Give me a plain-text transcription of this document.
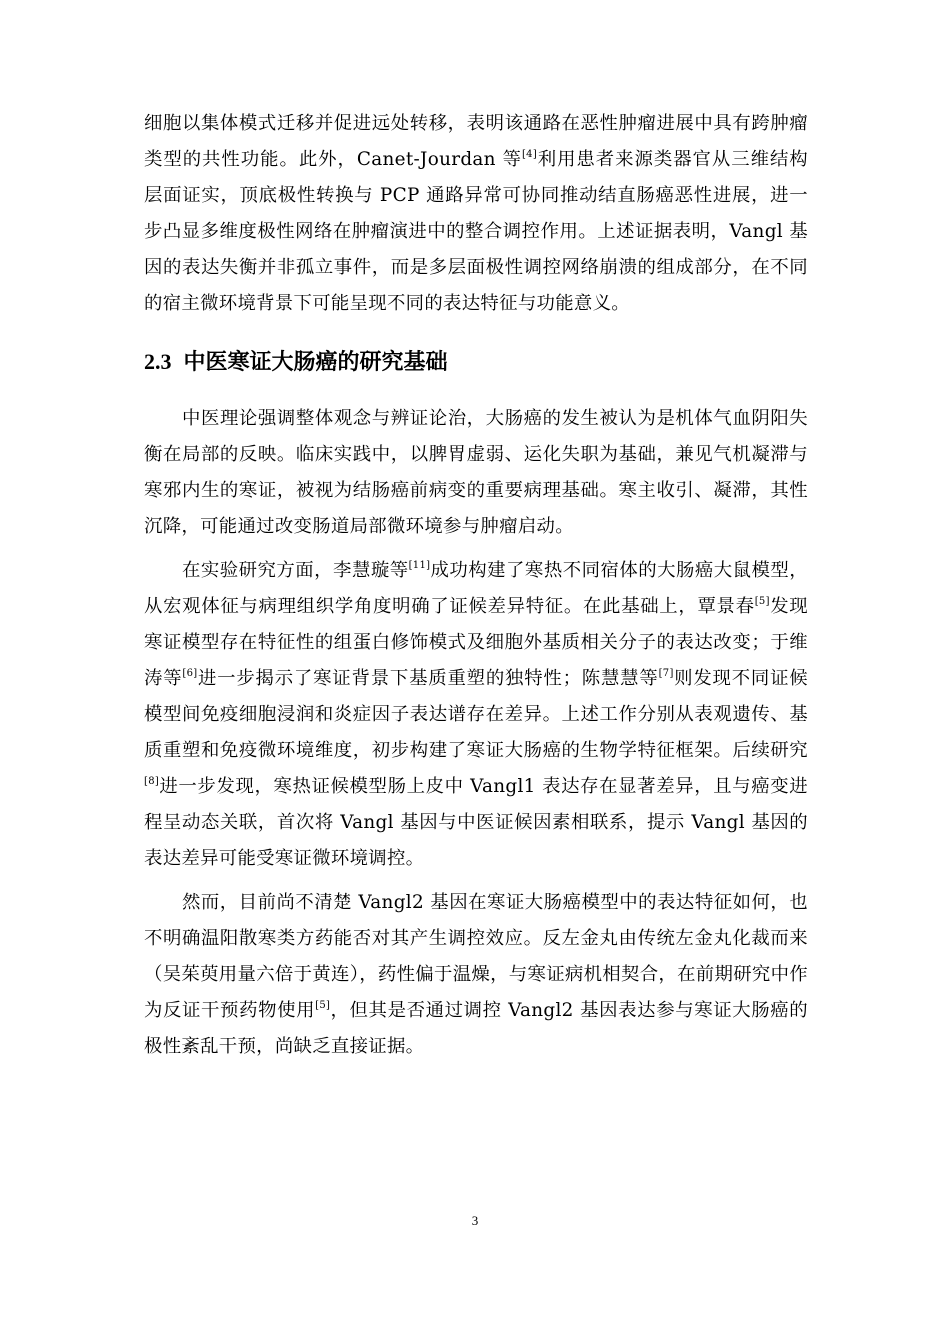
细胞以集体模式迁移并促进远处转移，表明该通路在恶性肿瘤进展中具有跨肿瘤类型的共性功能。此外，Canet-Jourdan 等[4]利用患者来源类器官从三维结构层面证实，顶底极性转换与 PCP 通路异常可协同推动结直肠癌恶性进展，进一步凸显多维度极性网络在肿瘤演进中的整合调控作用。上述证据表明，Vangl 基因的表达失衡并非孤立事件，而是多层面极性调控网络崩溃的组成部分，在不同的宿主微环境背景下可能呈现不同的表达特征与功能意义。

2.3 中医寒证大肠癌的研究基础

中医理论强调整体观念与辨证论治，大肠癌的发生被认为是机体气血阴阳失衡在局部的反映。临床实践中，以脾胃虚弱、运化失职为基础，兼见气机凝滞与寒邪内生的寒证，被视为结肠癌前病变的重要病理基础。寒主收引、凝滞，其性沉降，可能通过改变肠道局部微环境参与肿瘤启动。

在实验研究方面，李慧璇等[11]成功构建了寒热不同宿体的大肠癌大鼠模型，从宏观体征与病理组织学角度明确了证候差异特征。在此基础上，覃景春[5]发现寒证模型存在特征性的组蛋白修饰模式及细胞外基质相关分子的表达改变；于维涛等[6]进一步揭示了寒证背景下基质重塑的独特性；陈慧慧等[7]则发现不同证候模型间免疫细胞浸润和炎症因子表达谱存在差异。上述工作分别从表观遗传、基质重塑和免疫微环境维度，初步构建了寒证大肠癌的生物学特征框架。后续研究[8]进一步发现，寒热证候模型肠上皮中 Vangl1 表达存在显著差异，且与癌变进程呈动态关联，首次将 Vangl 基因与中医证候因素相联系，提示 Vangl 基因的表达差异可能受寒证微环境调控。

然而，目前尚不清楚 Vangl2 基因在寒证大肠癌模型中的表达特征如何，也不明确温阳散寒类方药能否对其产生调控效应。反左金丸由传统左金丸化裁而来（吴茱萸用量六倍于黄连），药性偏于温燥，与寒证病机相契合，在前期研究中作为反证干预药物使用[5]，但其是否通过调控 Vangl2 基因表达参与寒证大肠癌的极性紊乱干预，尚缺乏直接证据。

3
